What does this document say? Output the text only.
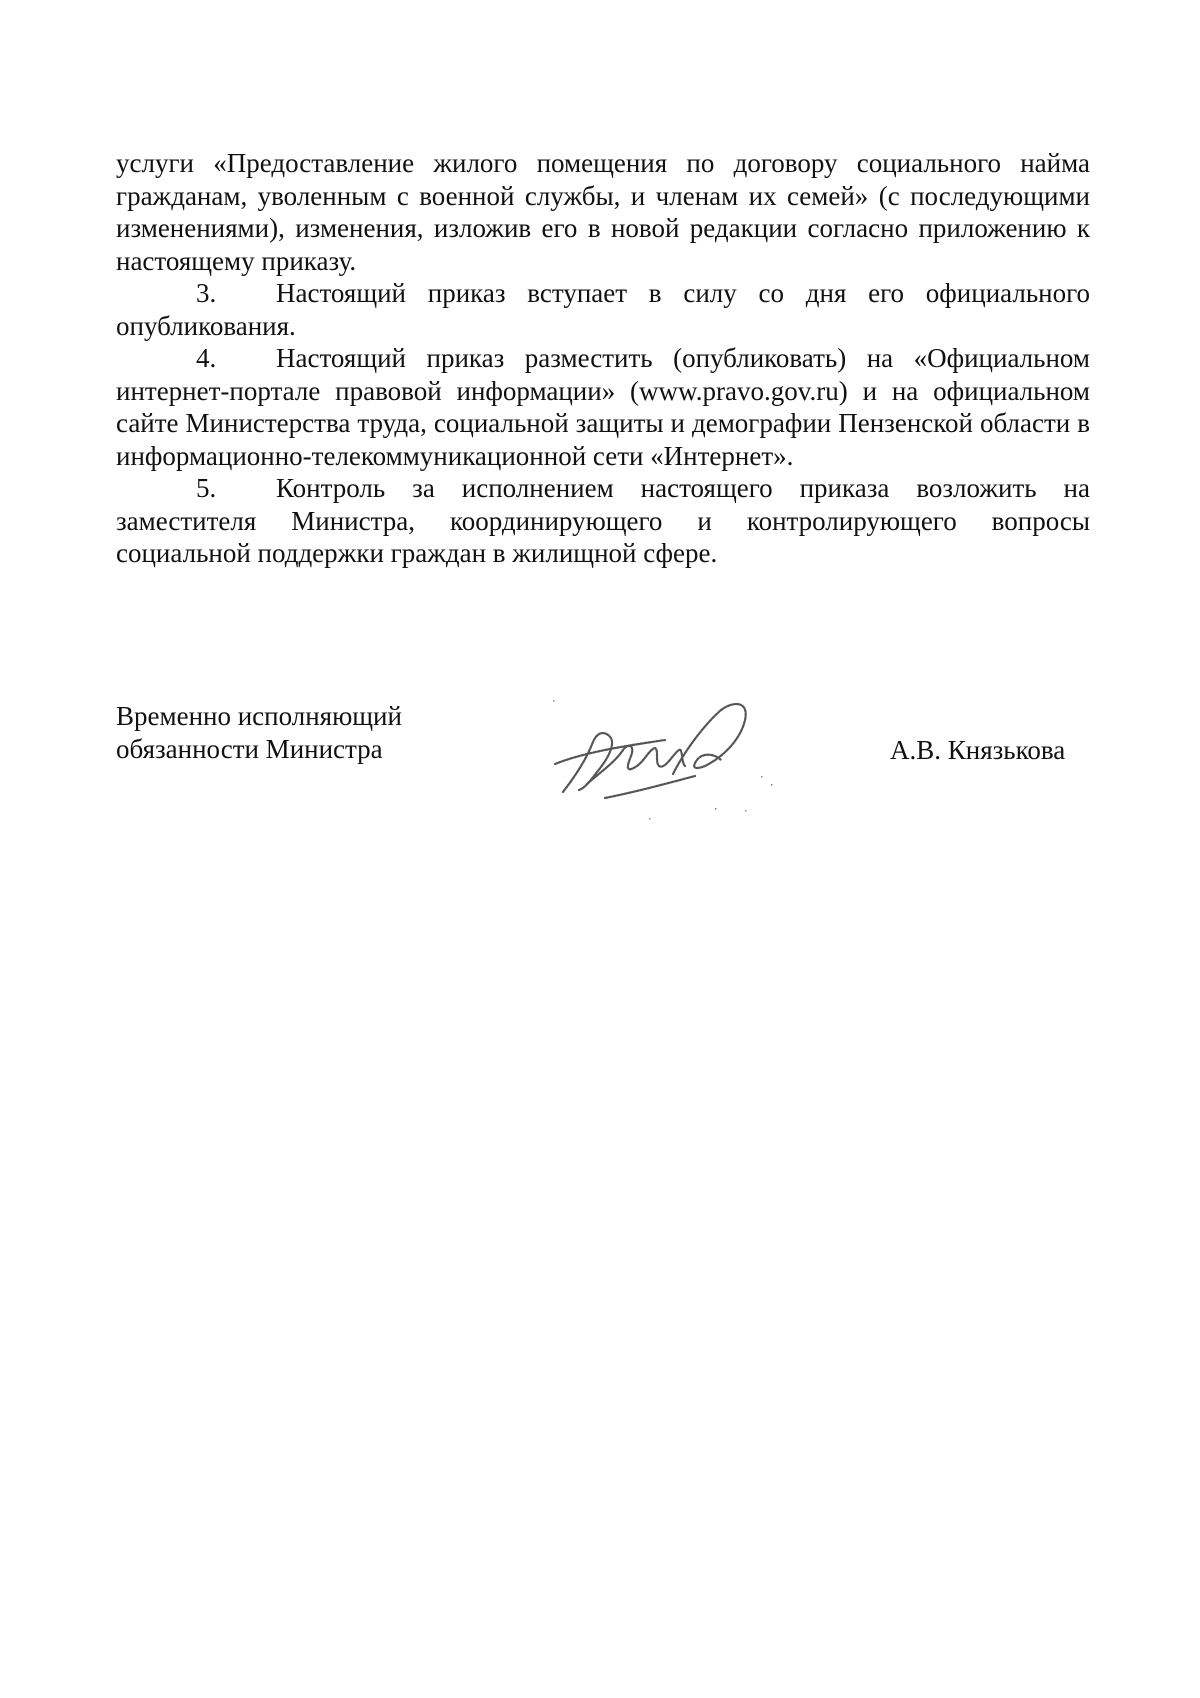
услуги «Предоставление жилого помещения по договору социального найма гражданам, уволенным с военной службы, и членам их семей» (с последующими изменениями), изменения, изложив его в новой редакции согласно приложению к настоящему приказу.

3. Настоящий приказ вступает в силу со дня его официального опубликования.

4. Настоящий приказ разместить (опубликовать) на «Официальном интернет-портале правовой информации» (www.pravo.gov.ru) и на официальном сайте Министерства труда, социальной защиты и демографии Пензенской области в информационно-телекоммуникационной сети «Интернет».

5. Контроль за исполнением настоящего приказа возложить на заместителя Министра, координирующего и контролирующего вопросы социальной поддержки граждан в жилищной сфере.

Временно исполняющий
обязанности Министра	А.В. Князькова
